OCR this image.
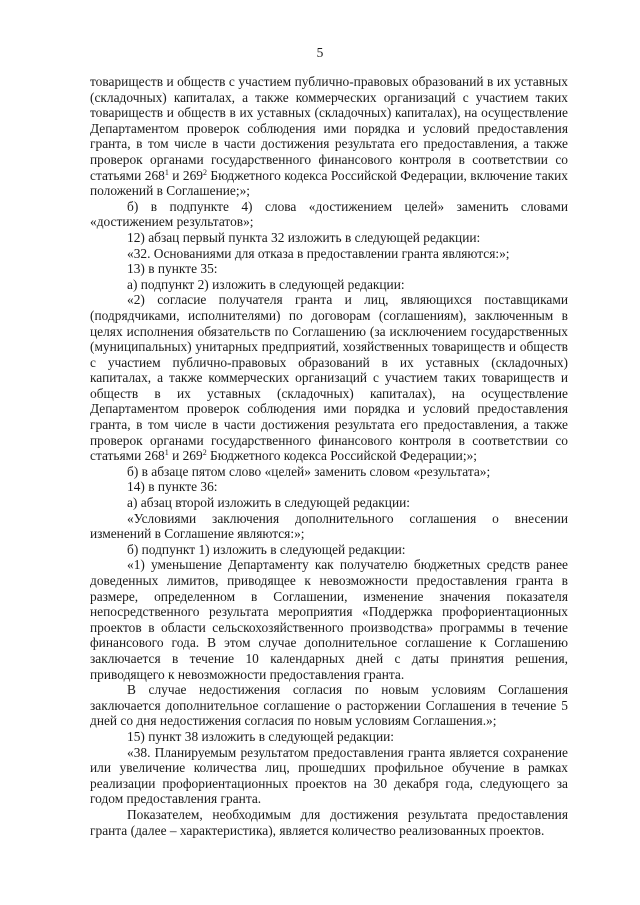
5

товариществ и обществ с участием публично-правовых образований в их уставных (складочных) капиталах, а также коммерческих организаций с участием таких товариществ и обществ в их уставных (складочных) капиталах), на осуществление Департаментом проверок соблюдения ими порядка и условий предоставления гранта, в том числе в части достижения результата его предоставления, а также проверок органами государственного финансового контроля в соответствии со статьями $268^1$ и $269^2$ Бюджетного кодекса Российской Федерации, включение таких положений в Соглашение;»;

б) в подпункте 4) слова «достижением целей» заменить словами «достижением результатов»;

12) абзац первый пункта 32 изложить в следующей редакции:

«32. Основаниями для отказа в предоставлении гранта являются:»;

13) в пункте 35:

а) подпункт 2) изложить в следующей редакции:

«2) согласие получателя гранта и лиц, являющихся поставщиками (подрядчиками, исполнителями) по договорам (соглашениям), заключенным в целях исполнения обязательств по Соглашению (за исключением государственных (муниципальных) унитарных предприятий, хозяйственных товариществ и обществ с участием публично-правовых образований в их уставных (складочных) капиталах, а также коммерческих организаций с участием таких товариществ и обществ в их уставных (складочных) капиталах), на осуществление Департаментом проверок соблюдения ими порядка и условий предоставления гранта, в том числе в части достижения результата его предоставления, а также проверок органами государственного финансового контроля в соответствии со статьями $268^1$ и $269^2$ Бюджетного кодекса Российской Федерации;»;

б) в абзаце пятом слово «целей» заменить словом «результата»;

14) в пункте 36:

а) абзац второй изложить в следующей редакции:

«Условиями заключения дополнительного соглашения о внесении изменений в Соглашение являются:»;

б) подпункт 1) изложить в следующей редакции:

«1) уменьшение Департаменту как получателю бюджетных средств ранее доведенных лимитов, приводящее к невозможности предоставления гранта в размере, определенном в Соглашении, изменение значения показателя непосредственного результата мероприятия «Поддержка профориентационных проектов в области сельскохозяйственного производства» программы в течение финансового года. В этом случае дополнительное соглашение к Соглашению заключается в течение 10 календарных дней с даты принятия решения, приводящего к невозможности предоставления гранта.

В случае недостижения согласия по новым условиям Соглашения заключается дополнительное соглашение о расторжении Соглашения в течение 5 дней со дня недостижения согласия по новым условиям Соглашения.»;

15) пункт 38 изложить в следующей редакции:

«38. Планируемым результатом предоставления гранта является сохранение или увеличение количества лиц, прошедших профильное обучение в рамках реализации профориентационных проектов на 30 декабря года, следующего за годом предоставления гранта.

Показателем, необходимым для достижения результата предоставления гранта (далее – характеристика), является количество реализованных проектов.
